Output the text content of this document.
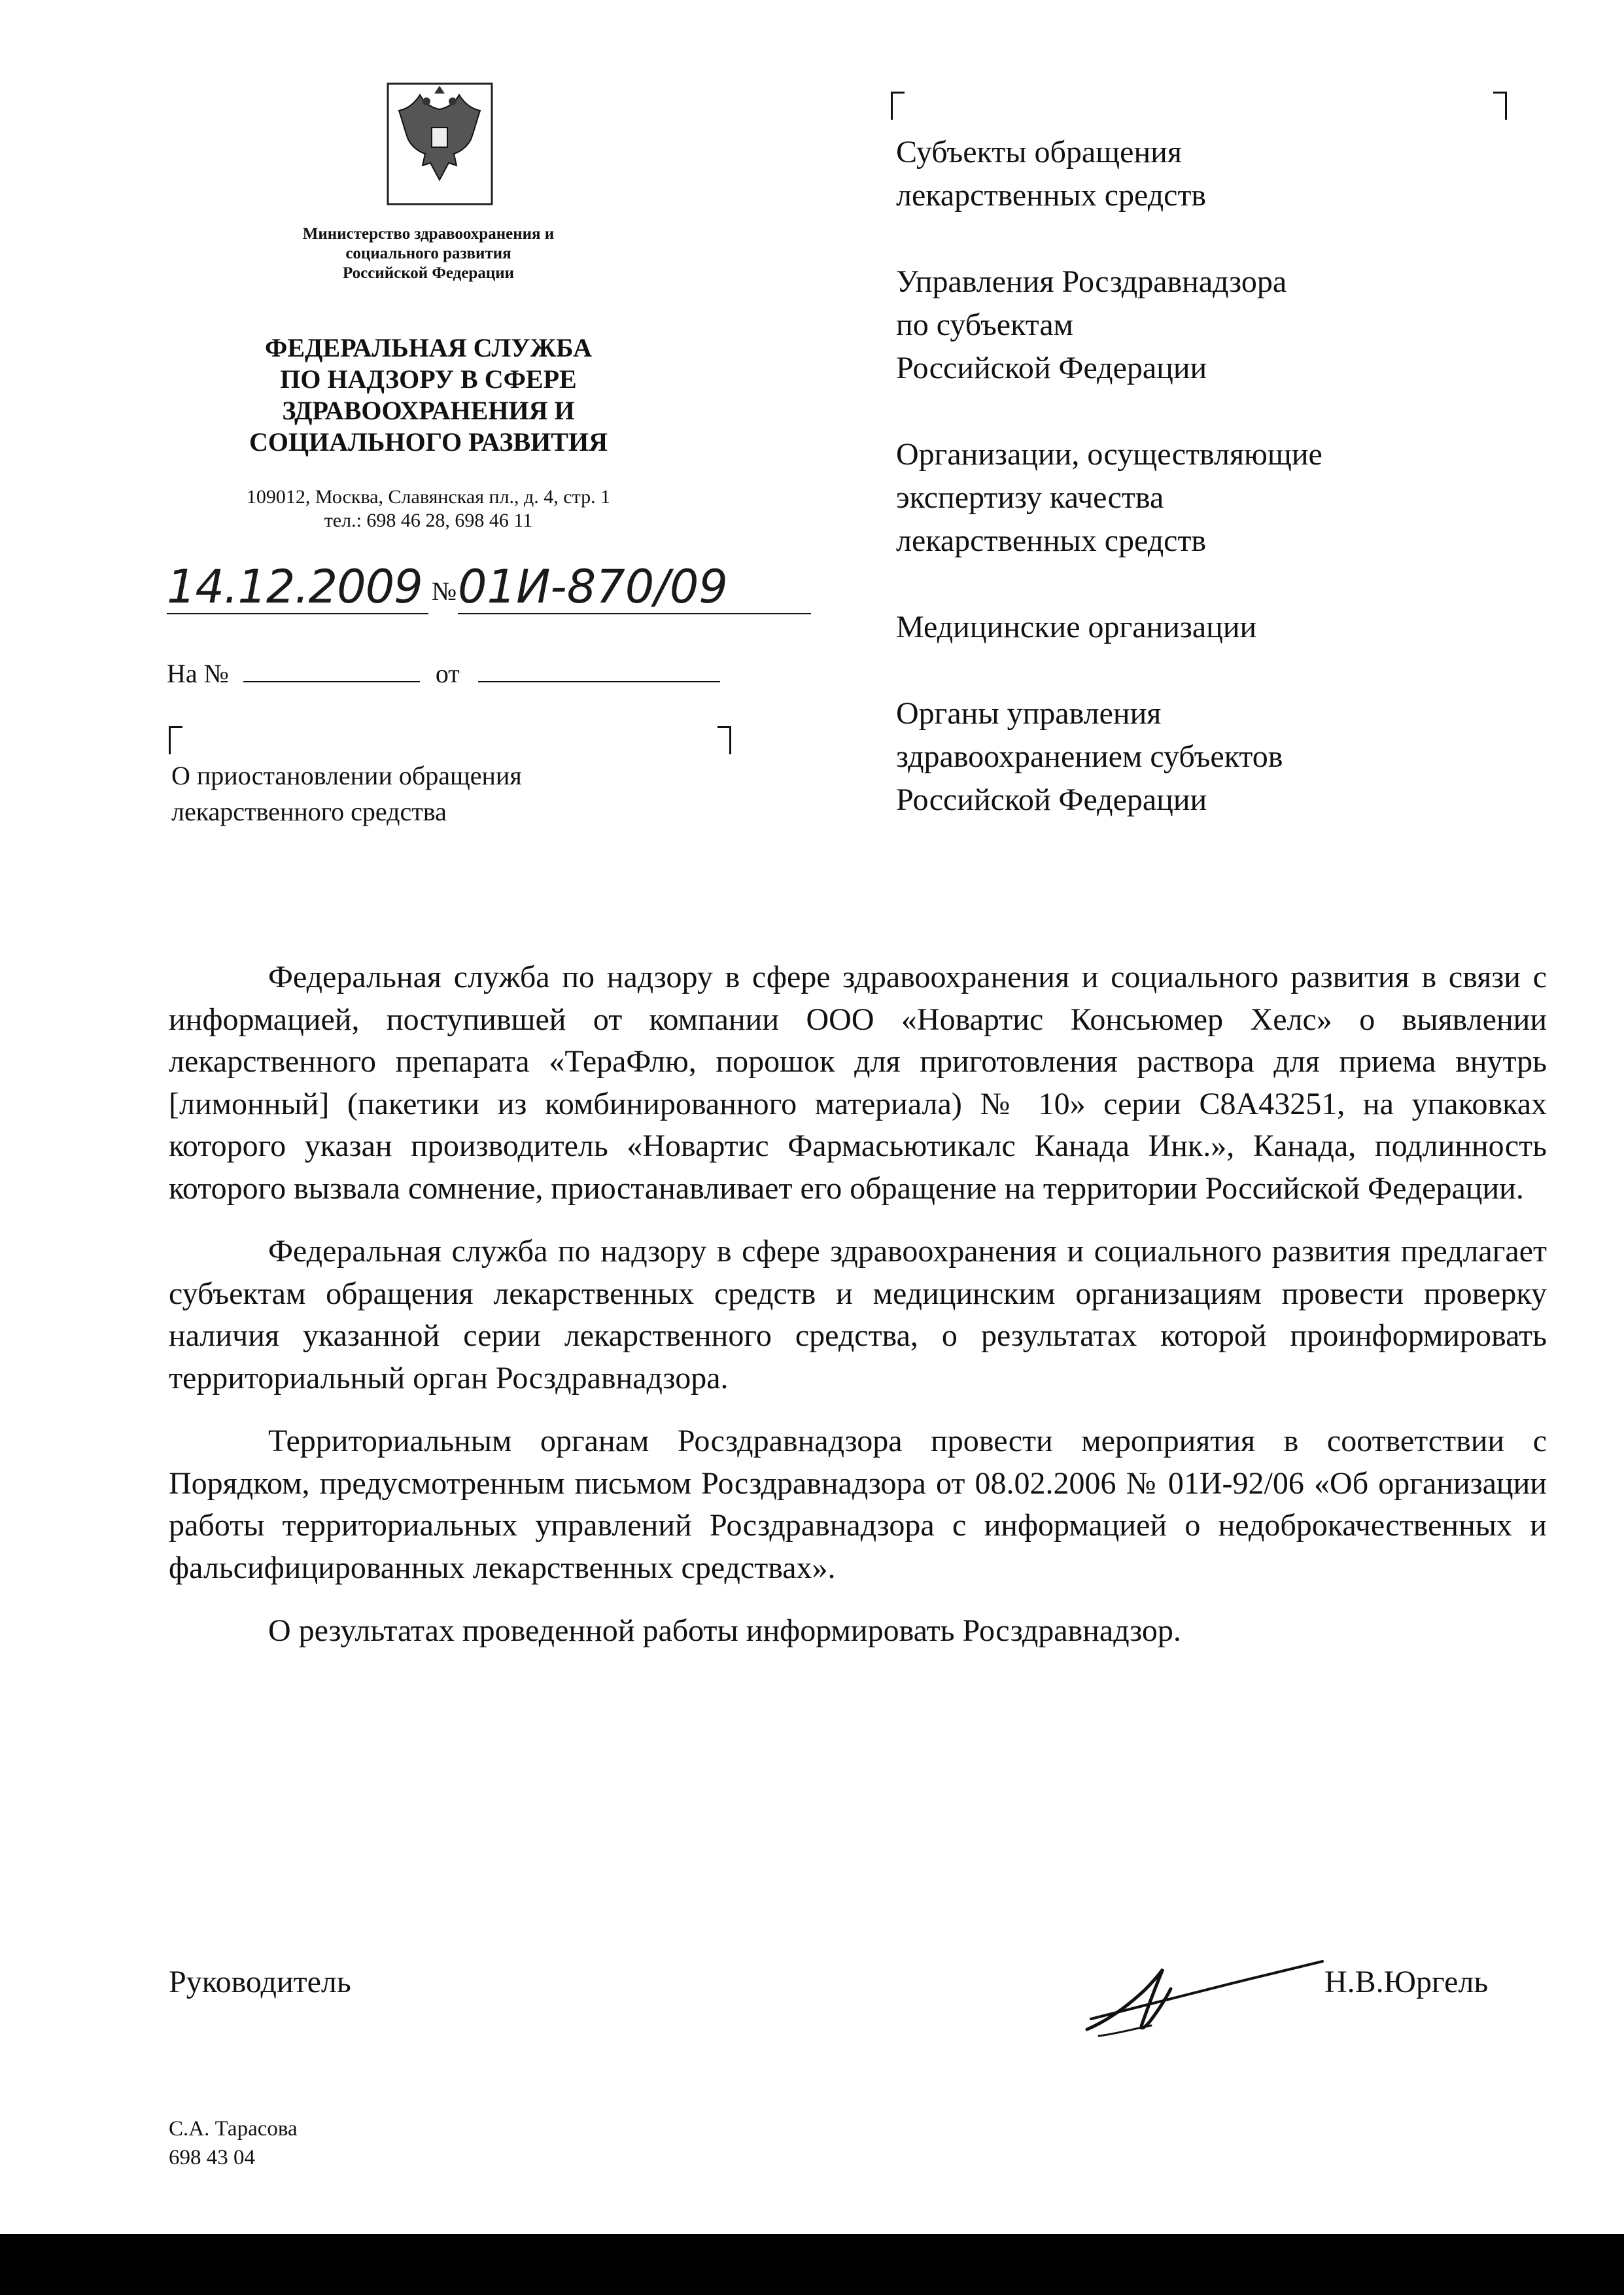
Министерство здравоохранения и
социального развития
Российской Федерации
ФЕДЕРАЛЬНАЯ СЛУЖБА
ПО НАДЗОРУ В СФЕРЕ
ЗДРАВООХРАНЕНИЯ И
СОЦИАЛЬНОГО РАЗВИТИЯ
109012, Москва, Славянская пл., д. 4, стр. 1
тел.: 698 46 28, 698 46 11
14.12.2009 № 01И-870/09
На №	от
О приостановлении обращения
лекарственного средства
Субъекты обращения
лекарственных средств
Управления Росздравнадзора
по субъектам
Российской Федерации
Организации, осуществляющие
экспертизу качества
лекарственных средств
Медицинские организации
Органы управления
здравоохранением субъектов
Российской Федерации

Федеральная служба по надзору в сфере здравоохранения и социального развития в связи с информацией, поступившей от компании ООО «Новартис Консьюмер Хелс» о выявлении лекарственного препарата «ТераФлю, порошок для приготовления раствора для приема внутрь [лимонный] (пакетики из комбинированного материала) № 10» серии C8A43251, на упаковках которого указан производитель «Новартис Фармасьютикалс Канада Инк.», Канада, подлинность которого вызвала сомнение, приостанавливает его обращение на территории Российской Федерации.

Федеральная служба по надзору в сфере здравоохранения и социального развития предлагает субъектам обращения лекарственных средств и медицинским организациям провести проверку наличия указанной серии лекарственного средства, о результатах которой проинформировать территориальный орган Росздравнадзора.

Территориальным органам Росздравнадзора провести мероприятия в соответствии с Порядком, предусмотренным письмом Росздравнадзора от 08.02.2006 № 01И-92/06 «Об организации работы территориальных управлений Росздравнадзора с информацией о недоброкачественных и фальсифицированных лекарственных средствах».

О результатах проведенной работы информировать Росздравнадзор.

Руководитель	Н.В.Юргель
С.А. Тарасова
698 43 04
